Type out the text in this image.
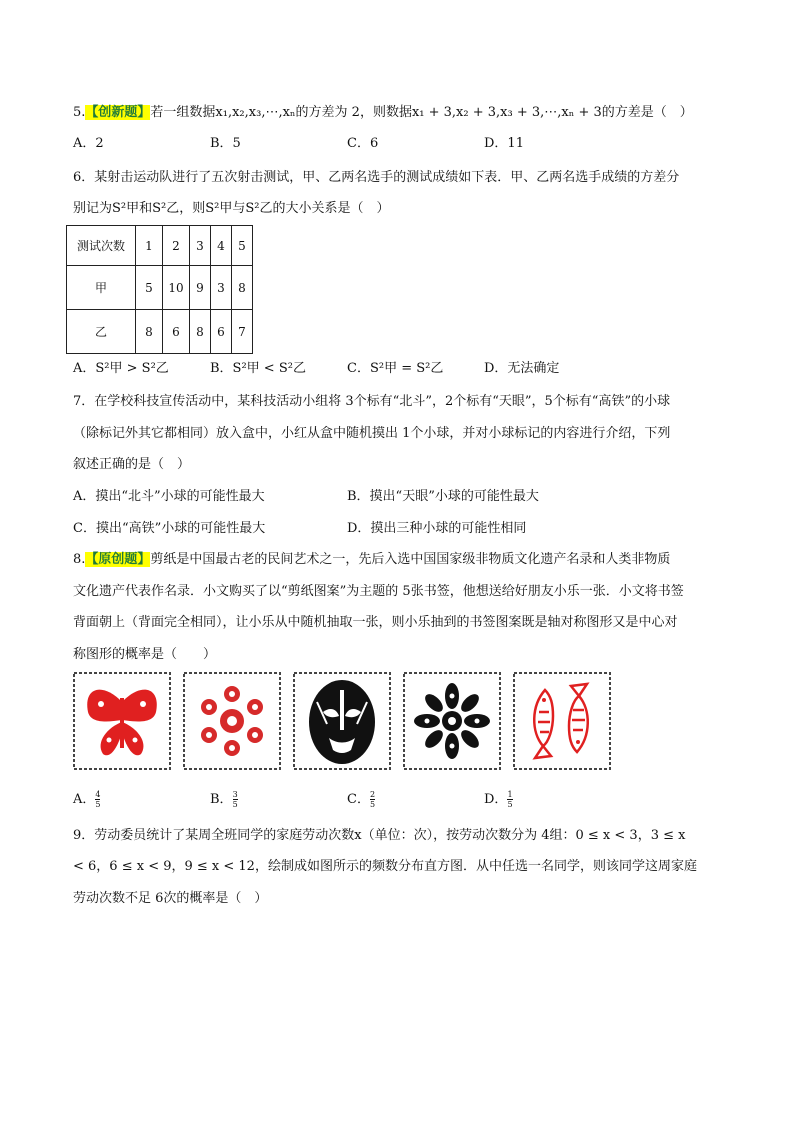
5.【创新题】若一组数据x₁,x₂,x₃,⋯,xₙ的方差为 2，则数据x₁ + 3,x₂ + 3,x₃ + 3,⋯,xₙ + 3的方差是（　）
A．2	B．5	C．6	D．11
6．某射击运动队进行了五次射击测试，甲、乙两名选手的测试成绩如下表．甲、乙两名选手成绩的方差分
别记为S²甲和S²乙，则S²甲与S²乙的大小关系是（　）
测试次数	1	2	3	4	5
甲	5	10	9	3	8
乙	8	6	8	6	7
A．S²甲 > S²乙	B．S²甲 < S²乙	C．S²甲 = S²乙	D．无法确定
7．在学校科技宣传活动中，某科技活动小组将 3个标有“北斗”，2个标有“天眼”，5个标有“高铁”的小球
（除标记外其它都相同）放入盒中，小红从盒中随机摸出 1个小球，并对小球标记的内容进行介绍，下列
叙述正确的是（　）
A．摸出“北斗”小球的可能性最大	B．摸出“天眼”小球的可能性最大
C．摸出“高铁”小球的可能性最大	D．摸出三种小球的可能性相同
8.【原创题】剪纸是中国最古老的民间艺术之一，先后入选中国国家级非物质文化遗产名录和人类非物质
文化遗产代表作名录．小文购买了以“剪纸图案”为主题的 5张书签，他想送给好朋友小乐一张．小文将书签
背面朝上（背面完全相同），让小乐从中随机抽取一张，则小乐抽到的书签图案既是轴对称图形又是中心对
称图形的概率是（　　）
A． $\frac{4}{5}$	B． $\frac{3}{5}$	C． $\frac{2}{5}$	D． $\frac{1}{5}$
9．劳动委员统计了某周全班同学的家庭劳动次数x（单位：次），按劳动次数分为 4组：0 ≤ x < 3，3 ≤ x
< 6，6 ≤ x < 9，9 ≤ x < 12，绘制成如图所示的频数分布直方图．从中任选一名同学，则该同学这周家庭
劳动次数不足 6次的概率是（　）
